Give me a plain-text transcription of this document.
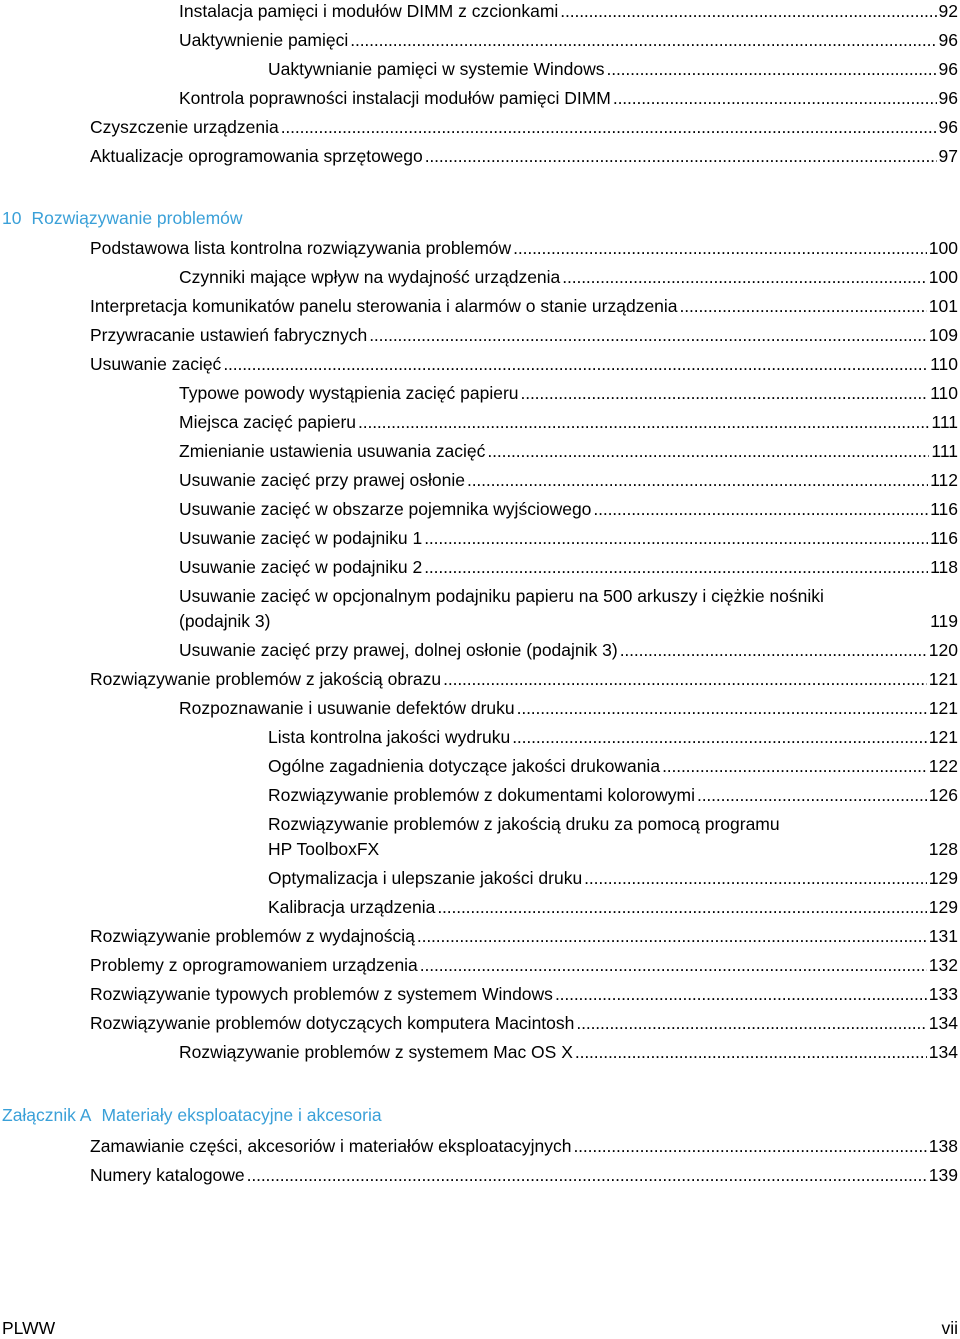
Instalacja pamięci i modułów DIMM z czcionkami . . .	92
Uaktywnienie pamięci . . .	96
Uaktywnianie pamięci w systemie Windows . . .	96
Kontrola poprawności instalacji modułów pamięci DIMM . . .	96
Czyszczenie urządzenia . . .	96
Aktualizacje oprogramowania sprzętowego . . .	97
10 Rozwiązywanie problemów
Podstawowa lista kontrolna rozwiązywania problemów . . .	100
Czynniki mające wpływ na wydajność urządzenia . . .	100
Interpretacja komunikatów panelu sterowania i alarmów o stanie urządzenia . . .	101
Przywracanie ustawień fabrycznych . . .	109
Usuwanie zacięć . . .	110
Typowe powody wystąpienia zacięć papieru . . .	110
Miejsca zacięć papieru . . .	111
Zmienianie ustawienia usuwania zacięć . . .	111
Usuwanie zacięć przy prawej osłonie . . .	112
Usuwanie zacięć w obszarze pojemnika wyjściowego . . .	116
Usuwanie zacięć w podajniku 1 . . .	116
Usuwanie zacięć w podajniku 2 . . .	118
Usuwanie zacięć w opcjonalnym podajniku papieru na 500 arkuszy i ciężkie nośniki
(podajnik 3)	119
Usuwanie zacięć przy prawej, dolnej osłonie (podajnik 3) . . .	120
Rozwiązywanie problemów z jakością obrazu . . .	121
Rozpoznawanie i usuwanie defektów druku . . .	121
Lista kontrolna jakości wydruku . . .	121
Ogólne zagadnienia dotyczące jakości drukowania . . .	122
Rozwiązywanie problemów z dokumentami kolorowymi . . .	126
Rozwiązywanie problemów z jakością druku za pomocą programu
HP ToolboxFX	128
Optymalizacja i ulepszanie jakości druku . . .	129
Kalibracja urządzenia . . .	129
Rozwiązywanie problemów z wydajnością . . .	131
Problemy z oprogramowaniem urządzenia . . .	132
Rozwiązywanie typowych problemów z systemem Windows . . .	133
Rozwiązywanie problemów dotyczących komputera Macintosh . . .	134
Rozwiązywanie problemów z systemem Mac OS X . . .	134
Załącznik A Materiały eksploatacyjne i akcesoria
Zamawianie części, akcesoriów i materiałów eksploatacyjnych . . .	138
Numery katalogowe . . .	139
PLWW	vii
